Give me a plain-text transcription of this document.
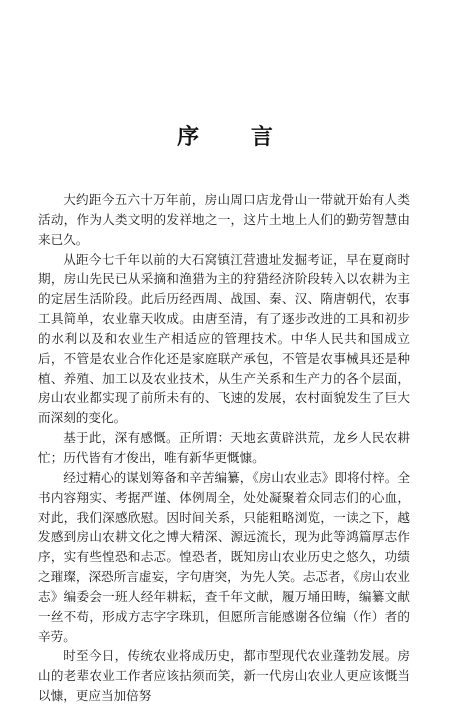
序 言

大约距今五六十万年前，房山周口店龙骨山一带就开始有人类活动，作为人类文明的发祥地之一，这片土地上人们的勤劳智慧由来已久。

从距今七千年以前的大石窝镇江营遗址发掘考证，早在夏商时期，房山先民已从采摘和渔猎为主的狩猎经济阶段转入以农耕为主的定居生活阶段。此后历经西周、战国、秦、汉、隋唐朝代，农事工具简单，农业靠天收成。由唐至清，有了逐步改进的工具和初步的水利以及和农业生产相适应的管理技术。中华人民共和国成立后，不管是农业合作化还是家庭联产承包，不管是农事械具还是种植、养殖、加工以及农业技术，从生产关系和生产力的各个层面，房山农业都实现了前所未有的、飞速的发展，农村面貌发生了巨大而深刻的变化。

基于此，深有感慨。正所谓：天地玄黄辟洪荒，龙乡人民农耕忙；历代皆有才俊出，唯有新华更慨慷。

经过精心的谋划筹备和辛苦编纂，《房山农业志》即将付梓。全书内容翔实、考据严谨、体例周全，处处凝聚着众同志们的心血，对此，我们深感欣慰。因时间关系，只能粗略浏览，一读之下，越发感到房山农耕文化之博大精深、源远流长，现为此等鸿篇厚志作序，实有些惶恐和忐忑。惶恐者，既知房山农业历史之悠久，功绩之璀璨，深恐所言虚妄，字句唐突，为先人笑。忐忑者，《房山农业志》编委会一班人经年耕耘，查千年文献，履万埇田畴，编纂文献一丝不苟，形成方志字字珠玑，但愿所言能感谢各位编（作）者的辛劳。

时至今日，传统农业将成历史，都市型现代农业蓬勃发展。房山的老辈农业工作者应该拈须而笑，新一代房山农业人更应该慨当以慷，更应当加倍努
